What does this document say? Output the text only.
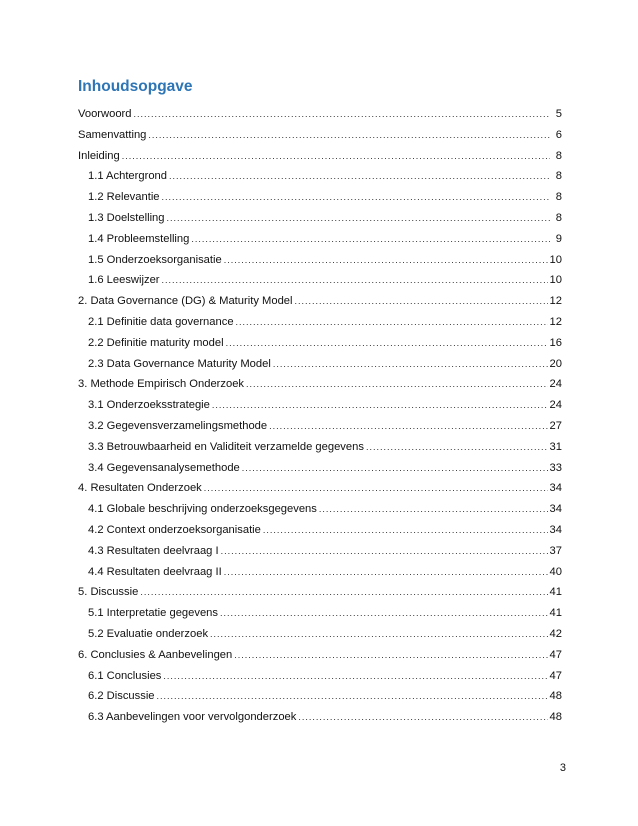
Inhoudsopgave
Voorwoord .....	5
Samenvatting .....	6
Inleiding .....	8
1.1 Achtergrond .....	8
1.2 Relevantie .....	8
1.3 Doelstelling .....	8
1.4 Probleemstelling .....	9
1.5 Onderzoeksorganisatie .....	10
1.6 Leeswijzer .....	10
2. Data Governance (DG) & Maturity Model .....	12
2.1 Definitie data governance .....	12
2.2 Definitie maturity model .....	16
2.3 Data Governance Maturity Model .....	20
3. Methode Empirisch Onderzoek .....	24
3.1 Onderzoeksstrategie .....	24
3.2 Gegevensverzamelingsmethode .....	27
3.3 Betrouwbaarheid en Validiteit verzamelde gegevens .....	31
3.4 Gegevensanalysemethode .....	33
4. Resultaten Onderzoek .....	34
4.1 Globale beschrijving onderzoeksgegevens .....	34
4.2 Context onderzoeksorganisatie .....	34
4.3 Resultaten deelvraag I .....	37
4.4 Resultaten deelvraag II .....	40
5. Discussie .....	41
5.1 Interpretatie gegevens .....	41
5.2 Evaluatie onderzoek .....	42
6. Conclusies & Aanbevelingen .....	47
6.1 Conclusies .....	47
6.2 Discussie .....	48
6.3 Aanbevelingen voor vervolgonderzoek .....	48
3
